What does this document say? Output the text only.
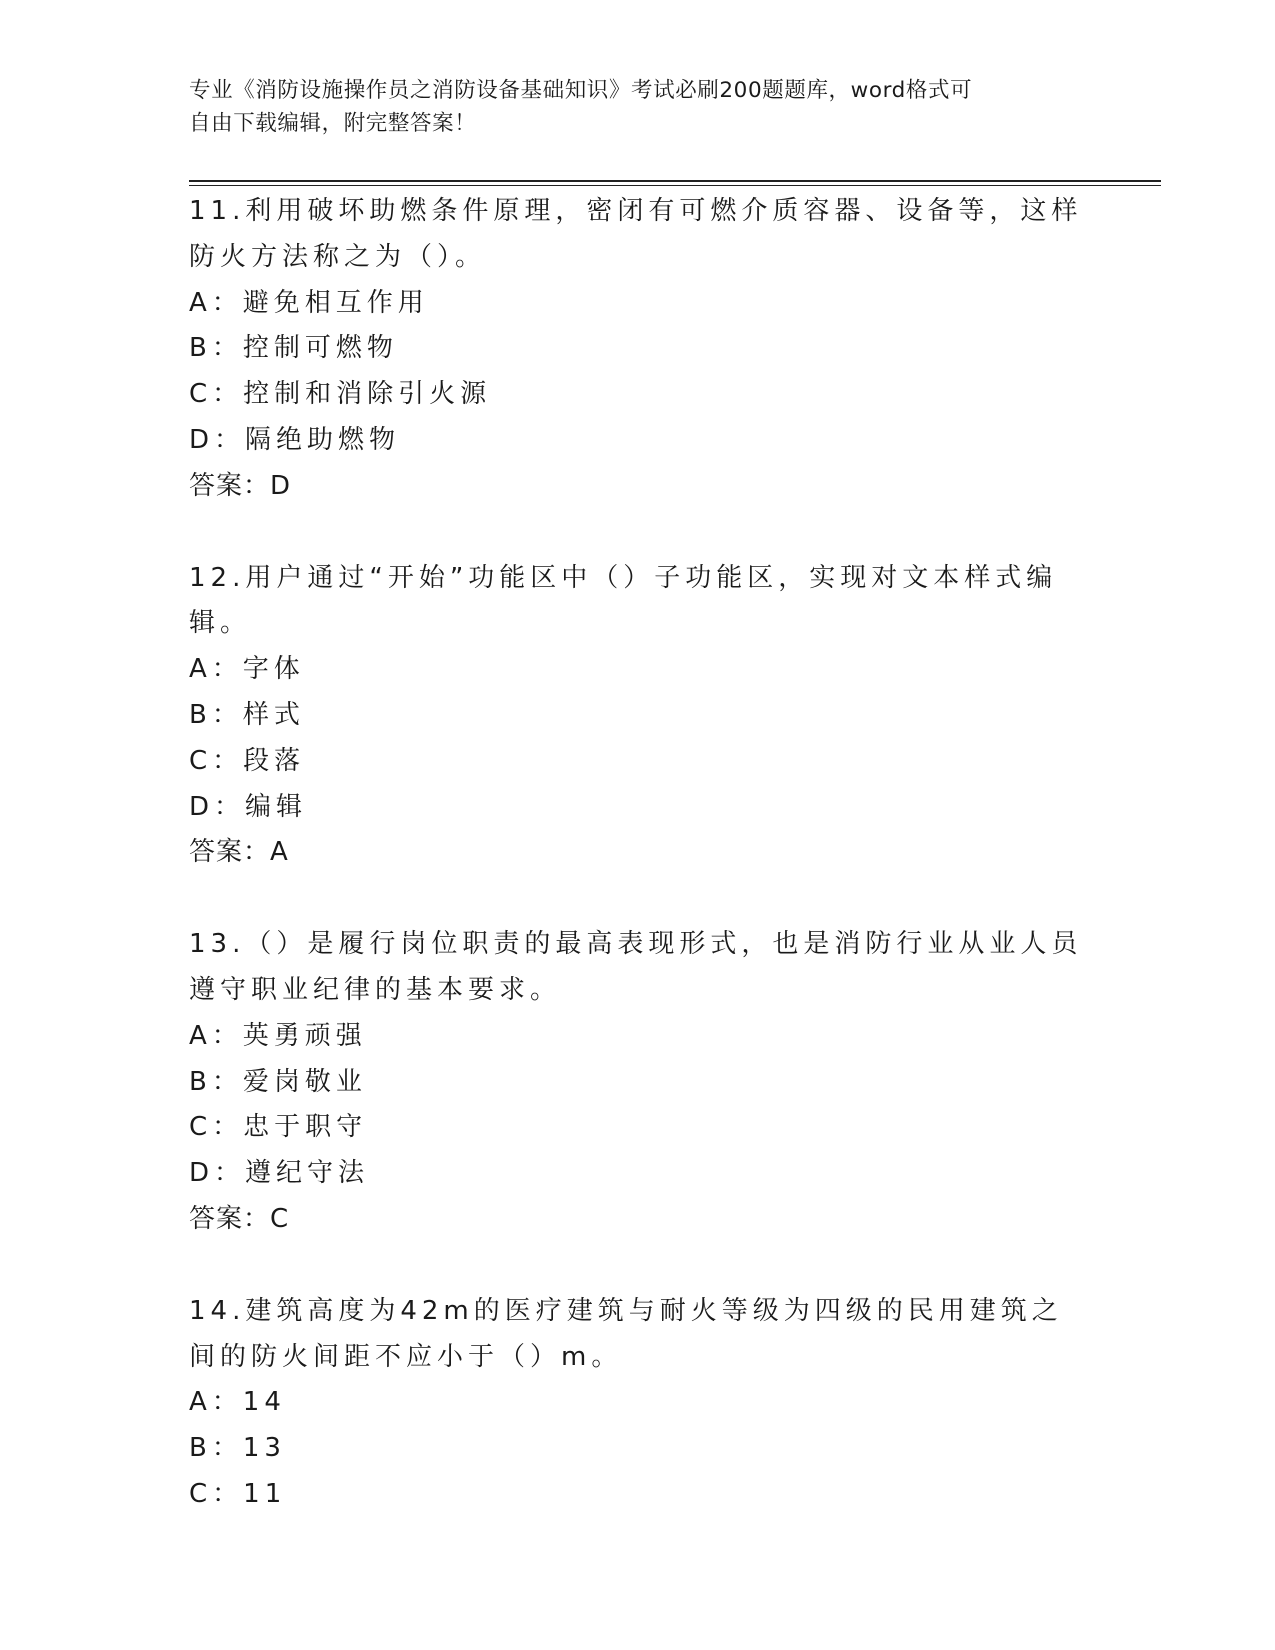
专业《消防设施操作员之消防设备基础知识》考试必刷200题题库，word格式可
自由下载编辑，附完整答案！
11.利用破坏助燃条件原理，密闭有可燃介质容器、设备等，这样防火方法称之为（）。
A：避免相互作用
B：控制可燃物
C：控制和消除引火源
D：隔绝助燃物
答案：D
12.用户通过“开始”功能区中（）子功能区，实现对文本样式编辑。
A：字体
B：样式
C：段落
D：编辑
答案：A
13.（）是履行岗位职责的最高表现形式，也是消防行业从业人员遵守职业纪律的基本要求。
A：英勇顽强
B：爱岗敬业
C：忠于职守
D：遵纪守法
答案：C
14.建筑高度为42m的医疗建筑与耐火等级为四级的民用建筑之间的防火间距不应小于（）m。
A：14
B：13
C：11
